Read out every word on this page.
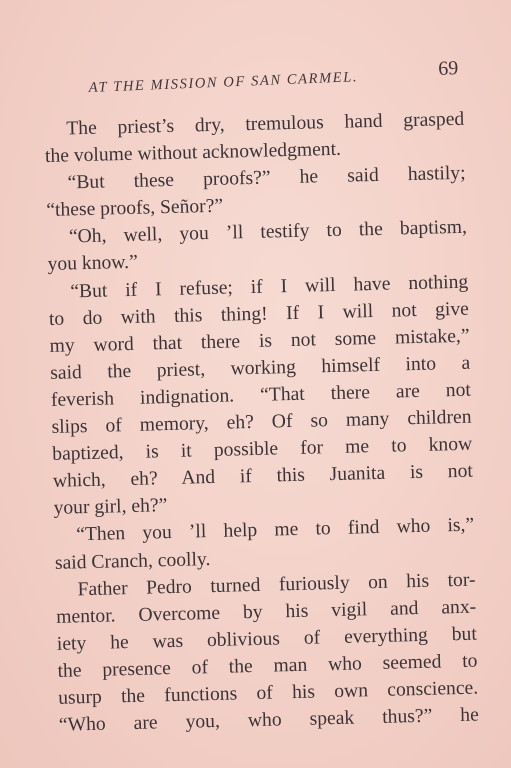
AT THE MISSION OF SAN CARMEL.
69
The priest’s dry, tremulous hand grasped
the volume without acknowledgment.
“But these proofs?” he said hastily;
“these proofs, Señor?”
“Oh, well, you ’ll testify to the baptism,
you know.”
“But if I refuse; if I will have nothing
to do with this thing! If I will not give
my word that there is not some mistake,”
said the priest, working himself into a
feverish indignation. “That there are not
slips of memory, eh? Of so many children
baptized, is it possible for me to know
which, eh? And if this Juanita is not
your girl, eh?”
“Then you ’ll help me to find who is,”
said Cranch, coolly.
Father Pedro turned furiously on his tor-
mentor. Overcome by his vigil and anx-
iety he was oblivious of everything but
the presence of the man who seemed to
usurp the functions of his own conscience.
“Who are you, who speak thus?” he
